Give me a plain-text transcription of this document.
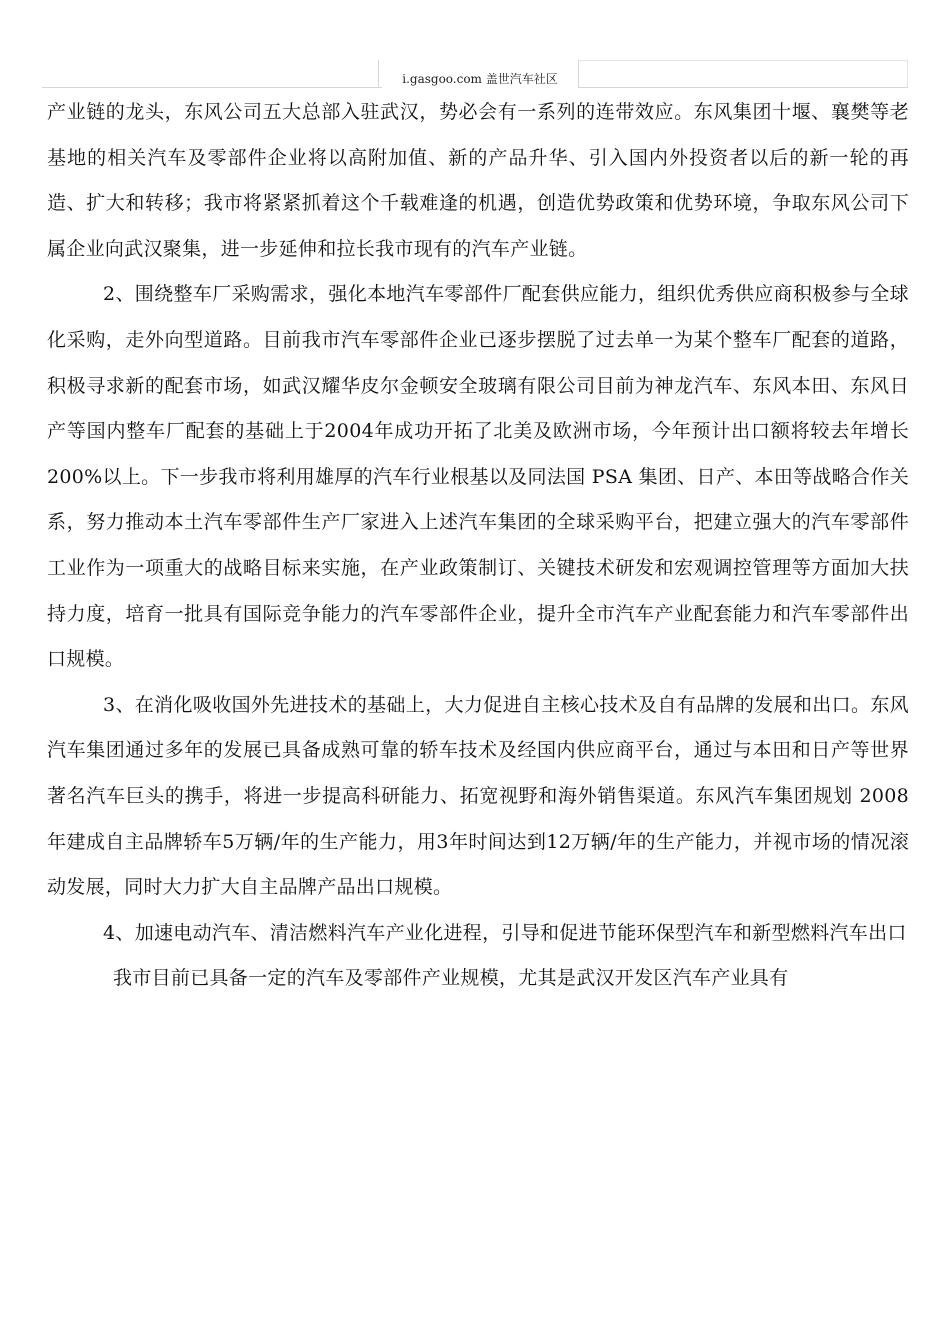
i.gasgoo.com 盖世汽车社区

产业链的龙头，东风公司五大总部入驻武汉，势必会有一系列的连带效应。东风集团十堰、襄樊等老基地的相关汽车及零部件企业将以高附加值、新的产品升华、引入国内外投资者以后的新一轮的再造、扩大和转移；我市将紧紧抓着这个千载难逢的机遇，创造优势政策和优势环境，争取东风公司下属企业向武汉聚集，进一步延伸和拉长我市现有的汽车产业链。

2、围绕整车厂采购需求，强化本地汽车零部件厂配套供应能力，组织优秀供应商积极参与全球化采购，走外向型道路。目前我市汽车零部件企业已逐步摆脱了过去单一为某个整车厂配套的道路，积极寻求新的配套市场，如武汉耀华皮尔金顿安全玻璃有限公司目前为神龙汽车、东风本田、东风日产等国内整车厂配套的基础上于2004年成功开拓了北美及欧洲市场，今年预计出口额将较去年增长200%以上。下一步我市将利用雄厚的汽车行业根基以及同法国 PSA 集团、日产、本田等战略合作关系，努力推动本土汽车零部件生产厂家进入上述汽车集团的全球采购平台，把建立强大的汽车零部件工业作为一项重大的战略目标来实施，在产业政策制订、关键技术研发和宏观调控管理等方面加大扶持力度，培育一批具有国际竞争能力的汽车零部件企业，提升全市汽车产业配套能力和汽车零部件出口规模。

3、在消化吸收国外先进技术的基础上，大力促进自主核心技术及自有品牌的发展和出口。东风汽车集团通过多年的发展已具备成熟可靠的轿车技术及经国内供应商平台，通过与本田和日产等世界著名汽车巨头的携手，将进一步提高科研能力、拓宽视野和海外销售渠道。东风汽车集团规划 2008年建成自主品牌轿车5万辆/年的生产能力，用3年时间达到12万辆/年的生产能力，并视市场的情况滚动发展，同时大力扩大自主品牌产品出口规模。

4、加速电动汽车、清洁燃料汽车产业化进程，引导和促进节能环保型汽车和新型燃料汽车出口

我市目前已具备一定的汽车及零部件产业规模，尤其是武汉开发区汽车产业具有
